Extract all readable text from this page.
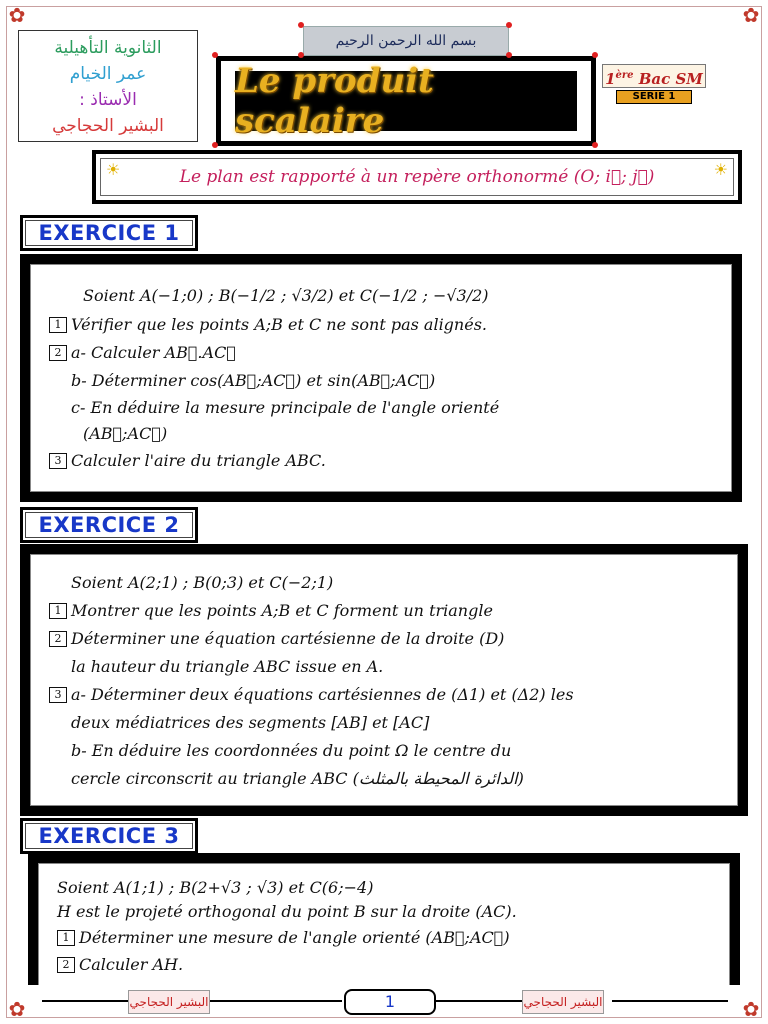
✿	✿
✿	✿
بسم الله الرحمن الرحيم
الثانوية التأهيلية
عمر الخيام
الأستاذ :
البشير الحجاجي
Le produit scalaire
1ère Bac SM
SERIE 1
Le plan est rapporté à un repère orthonormé (O; i⃗; j⃗)
☀	☀
EXERCICE 1
Soient A(−1;0) ; B(−1/2 ; √3/2) et C(−1/2 ; −√3/2)
1 Vérifier que les points A;B et C ne sont pas alignés.
2 a- Calculer AB⃗.AC⃗
b- Déterminer cos(AB⃗;AC⃗) et sin(AB⃗;AC⃗)
c- En déduire la mesure principale de l'angle orienté
(AB⃗;AC⃗)
3 Calculer l'aire du triangle ABC.
EXERCICE 2
Soient A(2;1) ; B(0;3) et C(−2;1)
1 Montrer que les points A;B et C forment un triangle
2 Déterminer une équation cartésienne de la droite (D)
la hauteur du triangle ABC issue en A.
3 a- Déterminer deux équations cartésiennes de (Δ1) et (Δ2) les
deux médiatrices des segments [AB] et [AC]
b- En déduire les coordonnées du point Ω le centre du
cercle circonscrit au triangle ABC (الدائرة المحيطة بالمثلث)
EXERCICE 3
Soient A(1;1) ; B(2+√3 ; √3) et C(6;−4)
H est le projeté orthogonal du point B sur la droite (AC).
1 Déterminer une mesure de l'angle orienté (AB⃗;AC⃗)
2 Calculer AH.
البشير الحجاجي	البشير الحجاجي
1
